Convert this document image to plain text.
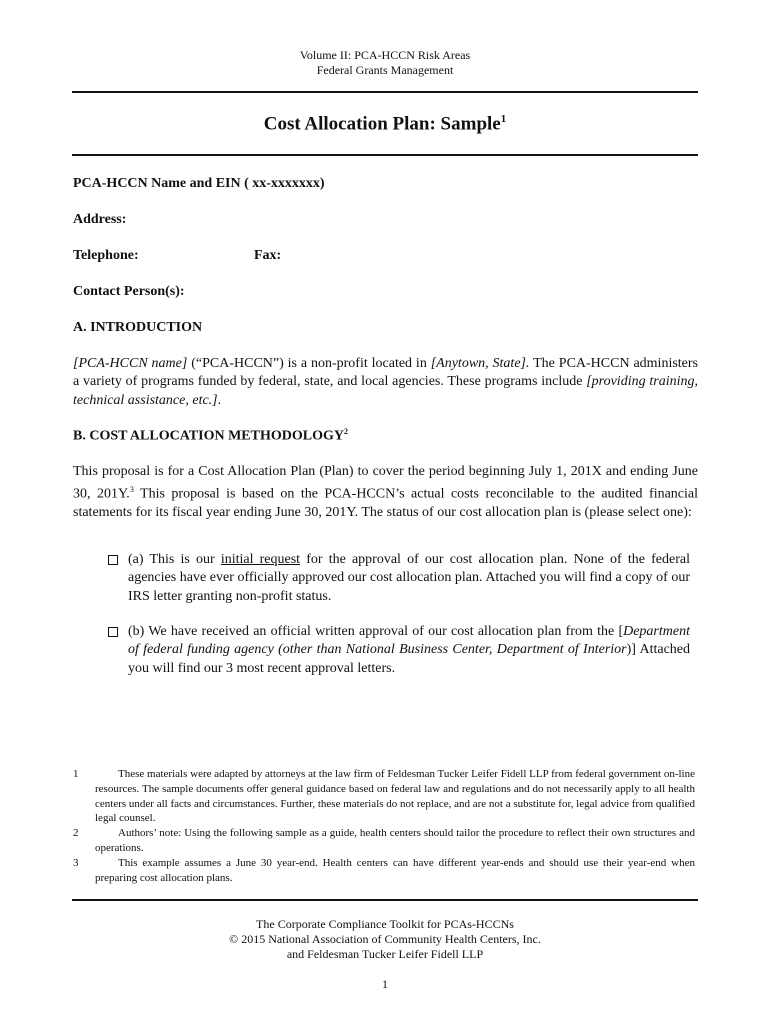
Volume II: PCA-HCCN Risk Areas
Federal Grants Management
Cost Allocation Plan: Sample$^1$
PCA-HCCN Name and EIN ( xx-xxxxxxx)
Address:
Telephone:	Fax:
Contact Person(s):
A. INTRODUCTION
[PCA-HCCN name] (“PCA-HCCN”) is a non-profit located in [Anytown, State]. The PCA-HCCN administers a variety of programs funded by federal, state, and local agencies. These programs include [providing training, technical assistance, etc.].
B. COST ALLOCATION METHODOLOGY$^2$
This proposal is for a Cost Allocation Plan (Plan) to cover the period beginning July 1, 201X and ending June 30, 201Y.$^3$ This proposal is based on the PCA-HCCN’s actual costs reconcilable to the audited financial statements for its fiscal year ending June 30, 201Y. The status of our cost allocation plan is (please select one):
(a) This is our initial request for the approval of our cost allocation plan. None of the federal agencies have ever officially approved our cost allocation plan. Attached you will find a copy of our IRS letter granting non-profit status.
(b) We have received an official written approval of our cost allocation plan from the [Department of federal funding agency (other than National Business Center, Department of Interior)] Attached you will find our 3 most recent approval letters.
1	These materials were adapted by attorneys at the law firm of Feldesman Tucker Leifer Fidell LLP from federal government on-line resources. The sample documents offer general guidance based on federal law and regulations and do not necessarily apply to all health centers under all facts and circumstances. Further, these materials do not replace, and are not a substitute for, legal advice from qualified legal counsel.
2	Authors’ note: Using the following sample as a guide, health centers should tailor the procedure to reflect their own structures and operations.
3	This example assumes a June 30 year-end. Health centers can have different year-ends and should use their year-end when preparing cost allocation plans.
The Corporate Compliance Toolkit for PCAs-HCCNs
© 2015 National Association of Community Health Centers, Inc.
and Feldesman Tucker Leifer Fidell LLP
1
